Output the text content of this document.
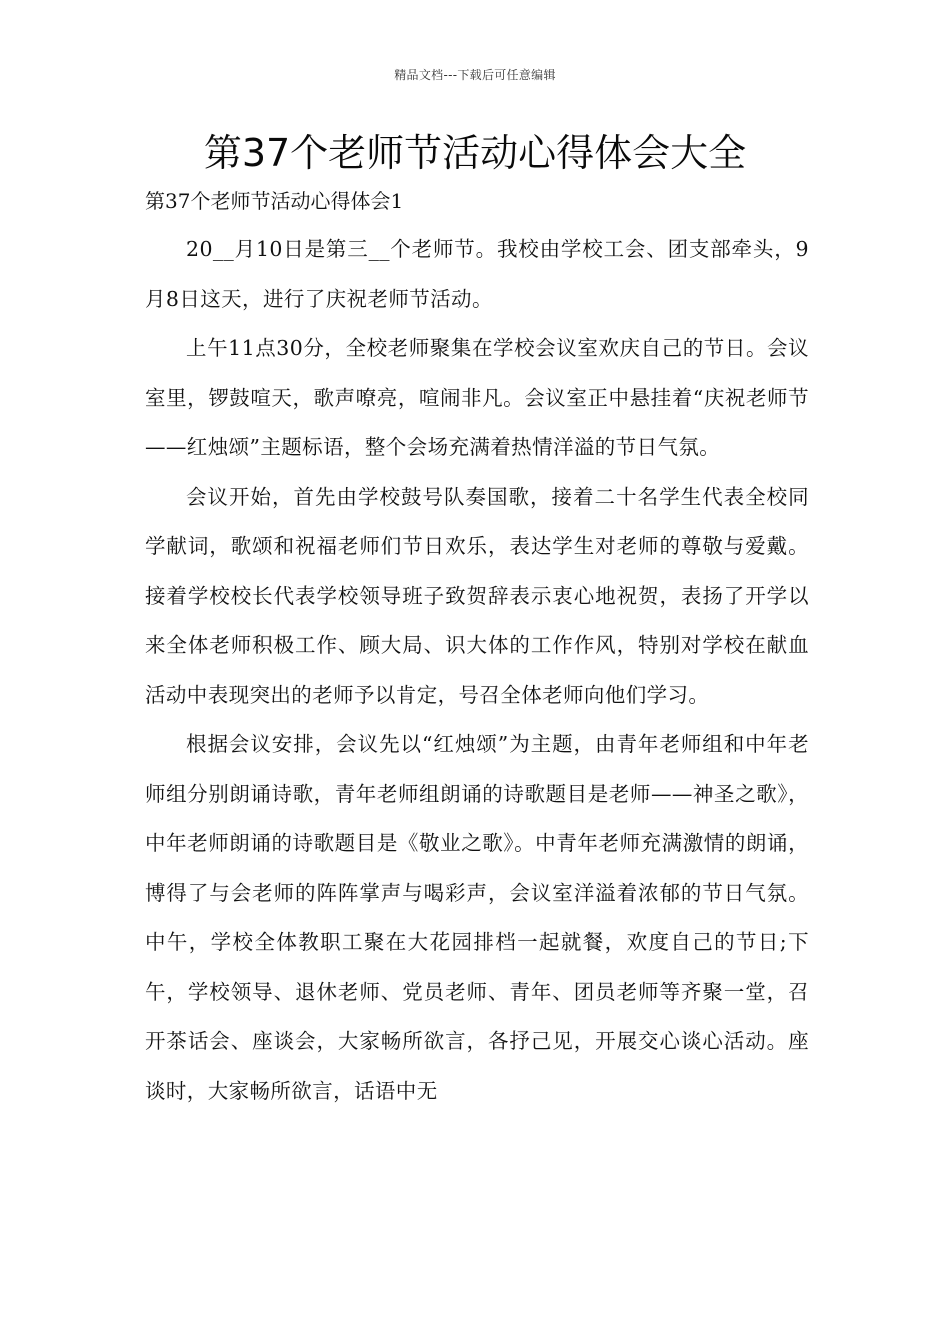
精品文档---下载后可任意编辑
第37个老师节活动心得体会大全
第37个老师节活动心得体会1

20__月10日是第三__个老师节。我校由学校工会、团支部牵头，9月8日这天，进行了庆祝老师节活动。

上午11点30分，全校老师聚集在学校会议室欢庆自己的节日。会议室里，锣鼓喧天，歌声嘹亮，喧闹非凡。会议室正中悬挂着“庆祝老师节——红烛颂”主题标语，整个会场充满着热情洋溢的节日气氛。

会议开始，首先由学校鼓号队奏国歌，接着二十名学生代表全校同学献词，歌颂和祝福老师们节日欢乐，表达学生对老师的尊敬与爱戴。接着学校校长代表学校领导班子致贺辞表示衷心地祝贺，表扬了开学以来全体老师积极工作、顾大局、识大体的工作作风，特别对学校在献血活动中表现突出的老师予以肯定，号召全体老师向他们学习。

根据会议安排，会议先以“红烛颂”为主题，由青年老师组和中年老师组分别朗诵诗歌，青年老师组朗诵的诗歌题目是老师——神圣之歌》，中年老师朗诵的诗歌题目是《敬业之歌》。中青年老师充满激情的朗诵，博得了与会老师的阵阵掌声与喝彩声，会议室洋溢着浓郁的节日气氛。中午，学校全体教职工聚在大花园排档一起就餐，欢度自己的节日;下午，学校领导、退休老师、党员老师、青年、团员老师等齐聚一堂，召开茶话会、座谈会，大家畅所欲言，各抒己见，开展交心谈心活动。座谈时，大家畅所欲言，话语中无
